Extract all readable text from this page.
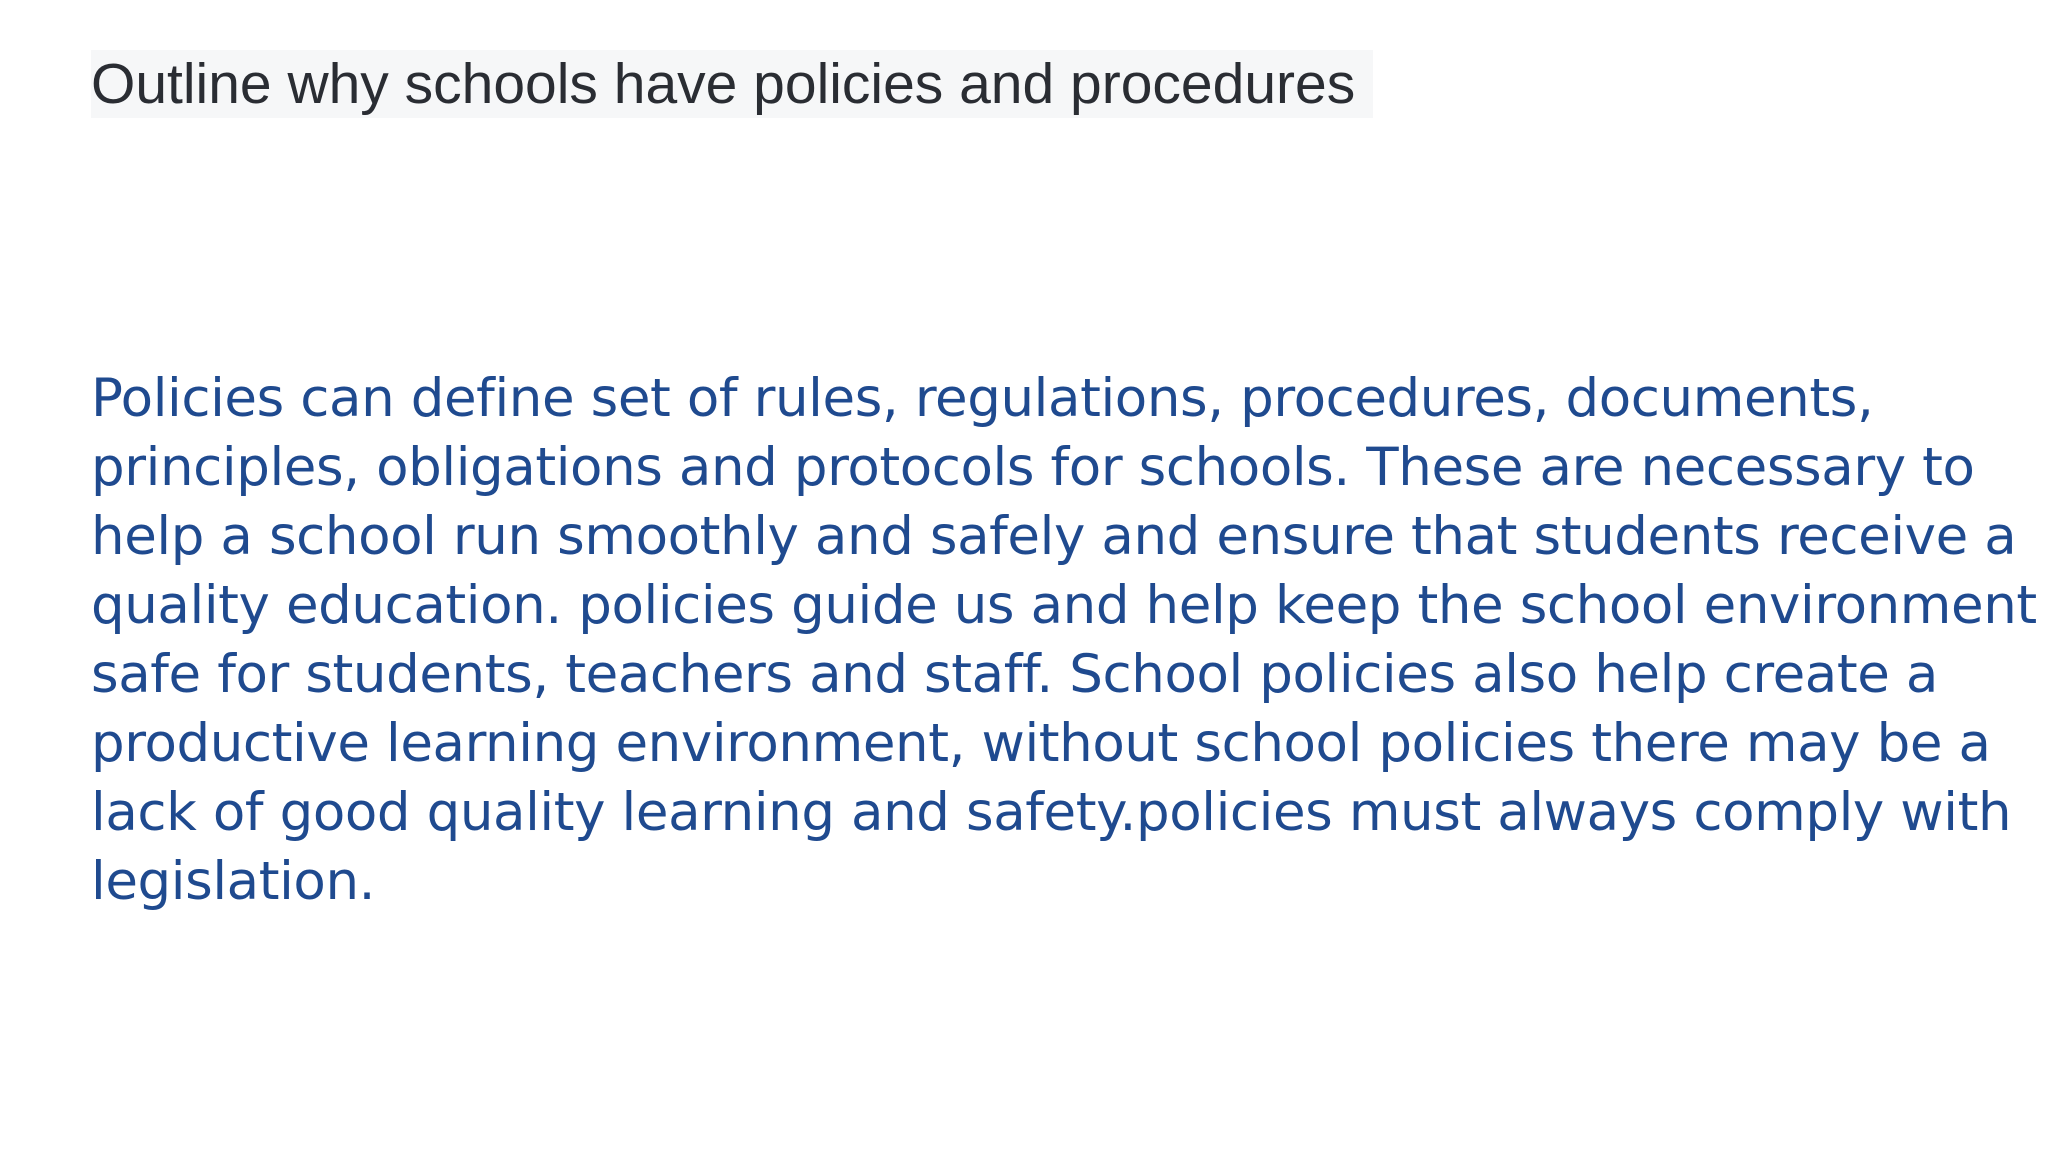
Outline why schools have policies and procedures

Policies can define set of rules, regulations, procedures, documents,
principles, obligations and protocols for schools. These are necessary to
help a school run smoothly and safely and ensure that students receive a
quality education. policies guide us and help keep the school environment
safe for students, teachers and staff. School policies also help create a
productive learning environment, without school policies there may be a
lack of good quality learning and safety.policies must always comply with
legislation.
